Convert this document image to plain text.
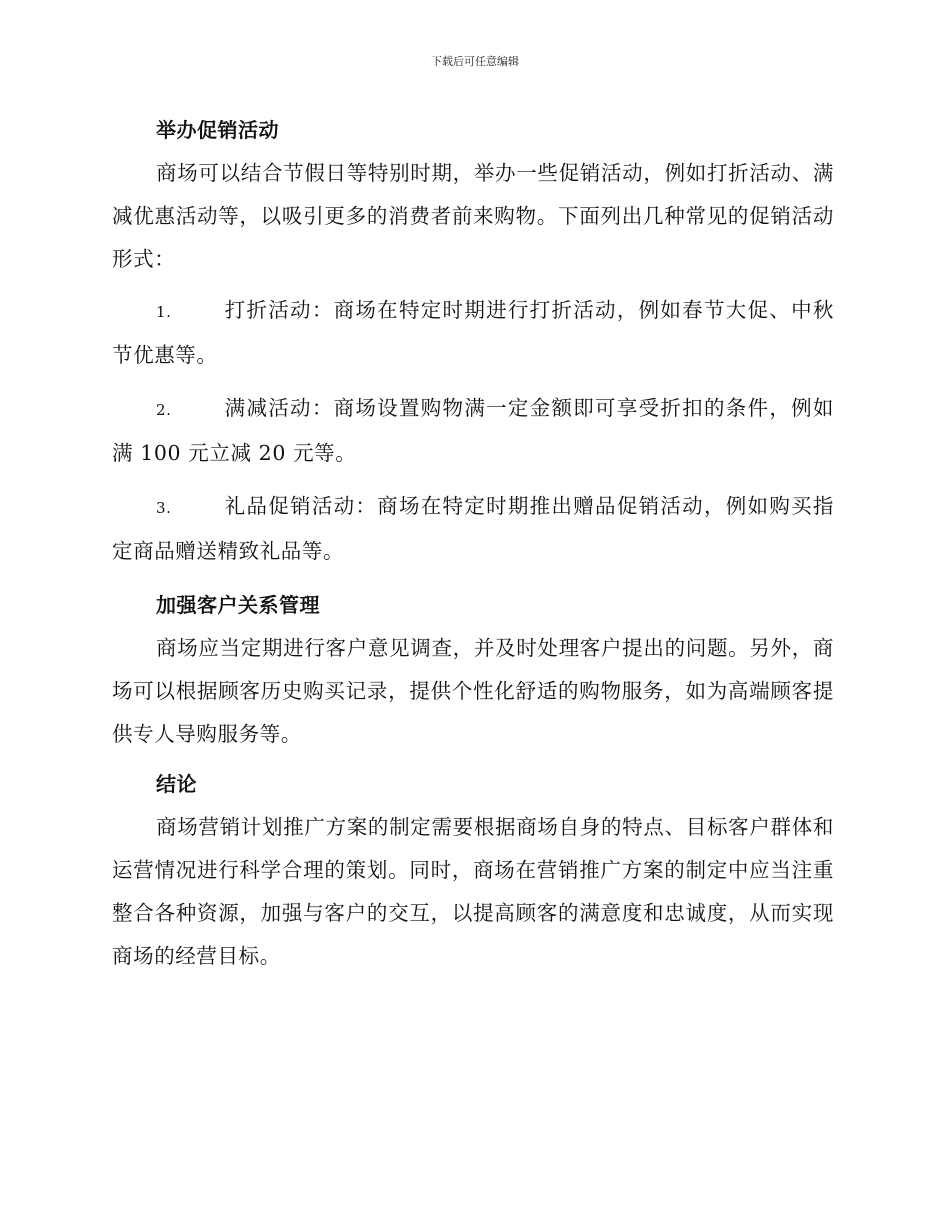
下载后可任意编辑
举办促销活动

商场可以结合节假日等特别时期，举办一些促销活动，例如打折活动、满减优惠活动等，以吸引更多的消费者前来购物。下面列出几种常见的促销活动形式：

1.	打折活动：商场在特定时期进行打折活动，例如春节大促、中秋节优惠等。

2.	满减活动：商场设置购物满一定金额即可享受折扣的条件，例如满 100 元立减 20 元等。

3.	礼品促销活动：商场在特定时期推出赠品促销活动，例如购买指定商品赠送精致礼品等。

加强客户关系管理

商场应当定期进行客户意见调查，并及时处理客户提出的问题。另外，商场可以根据顾客历史购买记录，提供个性化舒适的购物服务，如为高端顾客提供专人导购服务等。

结论

商场营销计划推广方案的制定需要根据商场自身的特点、目标客户群体和运营情况进行科学合理的策划。同时，商场在营销推广方案的制定中应当注重整合各种资源，加强与客户的交互，以提高顾客的满意度和忠诚度，从而实现商场的经营目标。
